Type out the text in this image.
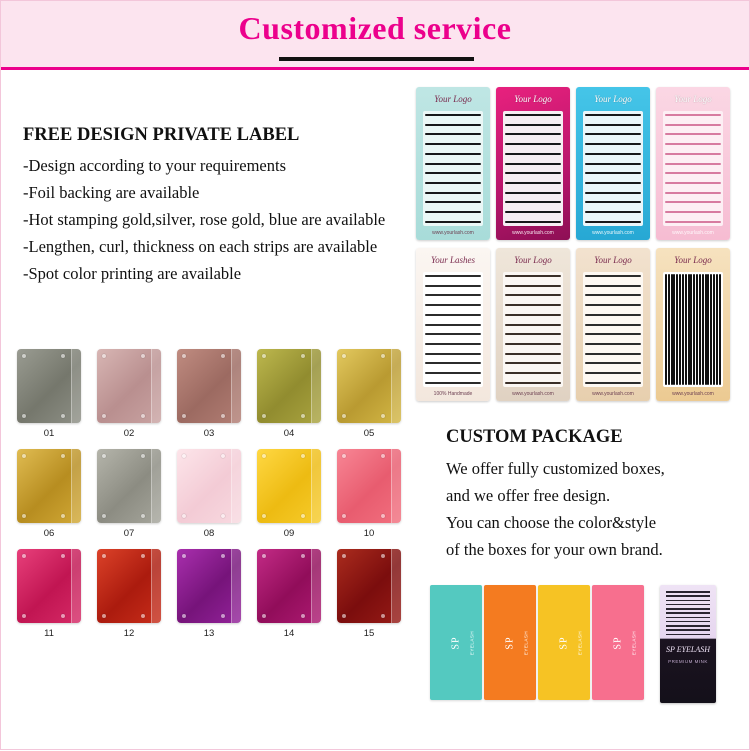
Customized service
FREE DESIGN PRIVATE LABEL
-Design according to your requirements
-Foil backing are available
-Hot stamping gold,silver, rose gold, blue are available
-Lengthen, curl, thickness on each strips are available
-Spot color printing are available
01	02	03	04	05
06	07	08	09	10
11	12	13	14	15
Your Logo
www.yourlash.com
Your Logo
www.yourlash.com
Your Logo
www.yourlash.com
Your Logo
www.yourlash.com
Your Lashes
100% Handmade
Your Logo
www.yourlash.com
Your Logo
www.yourlash.com
Your Logo
www.yourlash.com
CUSTOM PACKAGE

We offer fully customized boxes,

and we offer free design.

You can choose the color&style

of the boxes for your own brand.

SP EYELASH	SP EYELASH	SP EYELASH	SP EYELASH	SP EYELASH
PREMIUM MINK
